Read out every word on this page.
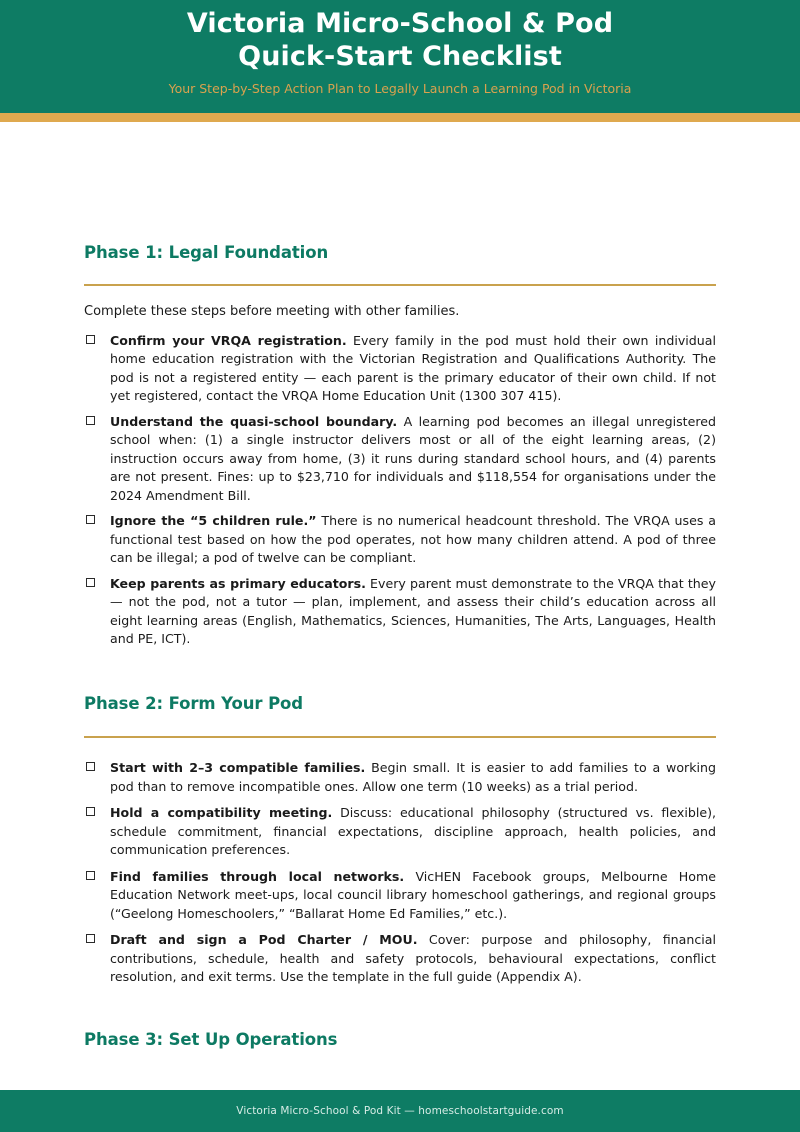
Victoria Micro-School & Pod
Quick-Start Checklist
Your Step-by-Step Action Plan to Legally Launch a Learning Pod in Victoria
Phase 1: Legal Foundation

Complete these steps before meeting with other families.

Confirm your VRQA registration. Every family in the pod must hold their own individual home education registration with the Victorian Registration and Qualifications Authority. The pod is not a registered entity — each parent is the primary educator of their own child. If not yet registered, contact the VRQA Home Education Unit (1300 307 415).
Understand the quasi-school boundary. A learning pod becomes an illegal unregistered school when: (1) a single instructor delivers most or all of the eight learning areas, (2) instruction occurs away from home, (3) it runs during standard school hours, and (4) parents are not present. Fines: up to $23,710 for individuals and $118,554 for organisations under the 2024 Amendment Bill.
Ignore the “5 children rule.” There is no numerical headcount threshold. The VRQA uses a functional test based on how the pod operates, not how many children attend. A pod of three can be illegal; a pod of twelve can be compliant.
Keep parents as primary educators. Every parent must demonstrate to the VRQA that they — not the pod, not a tutor — plan, implement, and assess their child’s education across all eight learning areas (English, Mathematics, Sciences, Humanities, The Arts, Languages, Health and PE, ICT).
Phase 2: Form Your Pod
Start with 2–3 compatible families. Begin small. It is easier to add families to a working pod than to remove incompatible ones. Allow one term (10 weeks) as a trial period.
Hold a compatibility meeting. Discuss: educational philosophy (structured vs. flexible), schedule commitment, financial expectations, discipline approach, health policies, and communication preferences.
Find families through local networks. VicHEN Facebook groups, Melbourne Home Education Network meet-ups, local council library homeschool gatherings, and regional groups (“Geelong Homeschoolers,” “Ballarat Home Ed Families,” etc.).
Draft and sign a Pod Charter / MOU. Cover: purpose and philosophy, financial contributions, schedule, health and safety protocols, behavioural expectations, conflict resolution, and exit terms. Use the template in the full guide (Appendix A).
Phase 3: Set Up Operations
Victoria Micro-School & Pod Kit — homeschoolstartguide.com
